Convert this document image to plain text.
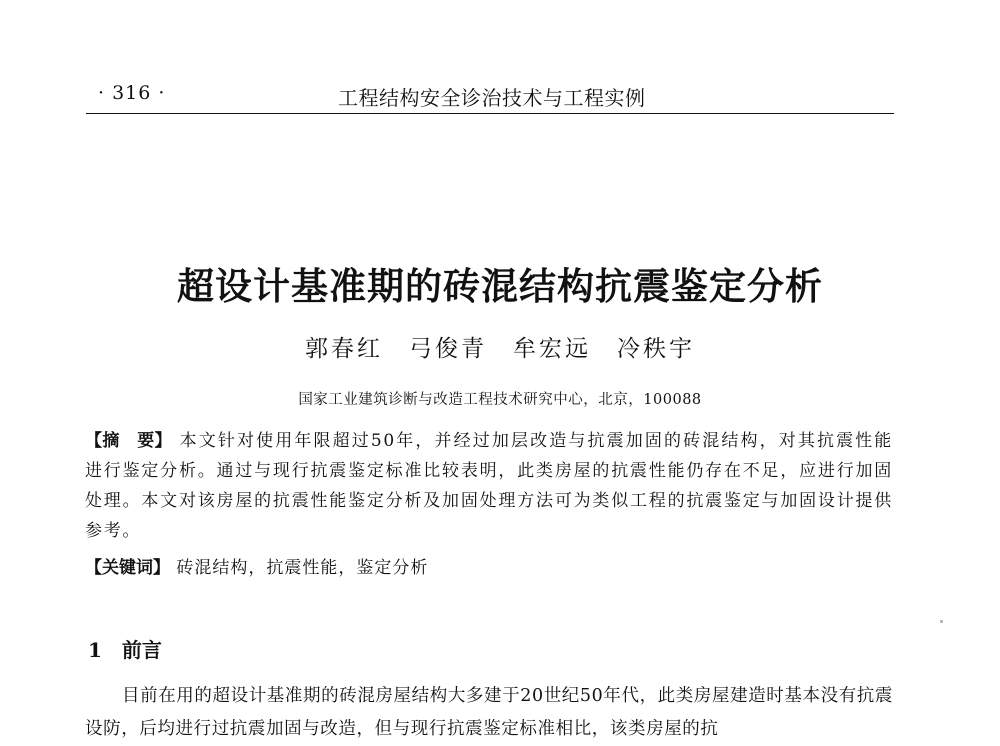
· 316 ·	工程结构安全诊治技术与工程实例
超设计基准期的砖混结构抗震鉴定分析
郭春红　弓俊青　牟宏远　冷秩宇
国家工业建筑诊断与改造工程技术研究中心，北京，100088
【摘　要】 本文针对使用年限超过50年，并经过加层改造与抗震加固的砖混结构，对其抗震性能进行鉴定分析。通过与现行抗震鉴定标准比较表明，此类房屋的抗震性能仍存在不足，应进行加固处理。本文对该房屋的抗震性能鉴定分析及加固处理方法可为类似工程的抗震鉴定与加固设计提供参考。
【关键词】 砖混结构，抗震性能，鉴定分析
1 前言
目前在用的超设计基准期的砖混房屋结构大多建于20世纪50年代，此类房屋建造时基本没有抗震设防，后均进行过抗震加固与改造，但与现行抗震鉴定标准相比，该类房屋的抗
